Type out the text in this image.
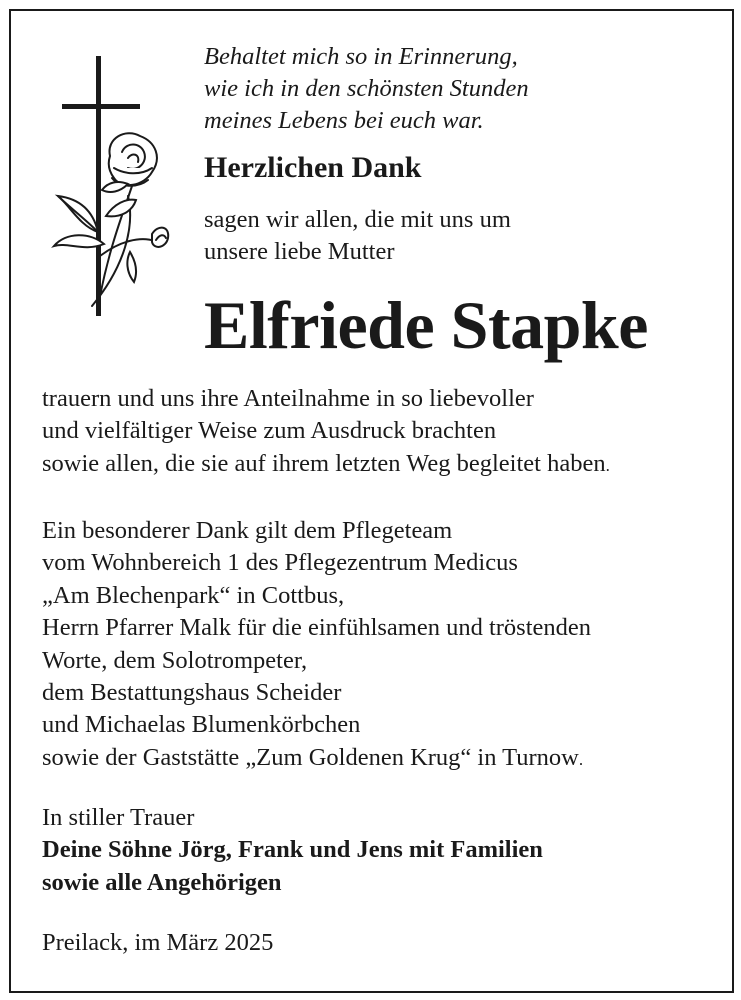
Behaltet mich so in Erinnerung,
wie ich in den schönsten Stunden
meines Lebens bei euch war.

Herzlichen Dank

sagen wir allen, die mit uns um
unsere liebe Mutter

Elfriede Stapke

trauern und uns ihre Anteilnahme in so liebevoller
und vielfältiger Weise zum Ausdruck brachten
sowie allen, die sie auf ihrem letzten Weg begleitet haben.

Ein besonderer Dank gilt dem Pflegeteam
vom Wohnbereich 1 des Pflegezentrum Medicus
„Am Blechenpark“ in Cottbus,
Herrn Pfarrer Malk für die einfühlsamen und tröstenden
Worte, dem Solotrompeter,
dem Bestattungshaus Scheider
und Michaelas Blumenkörbchen
sowie der Gaststätte „Zum Goldenen Krug“ in Turnow.

In stiller Trauer
Deine Söhne Jörg, Frank und Jens mit Familien
sowie alle Angehörigen

Preilack, im März 2025
